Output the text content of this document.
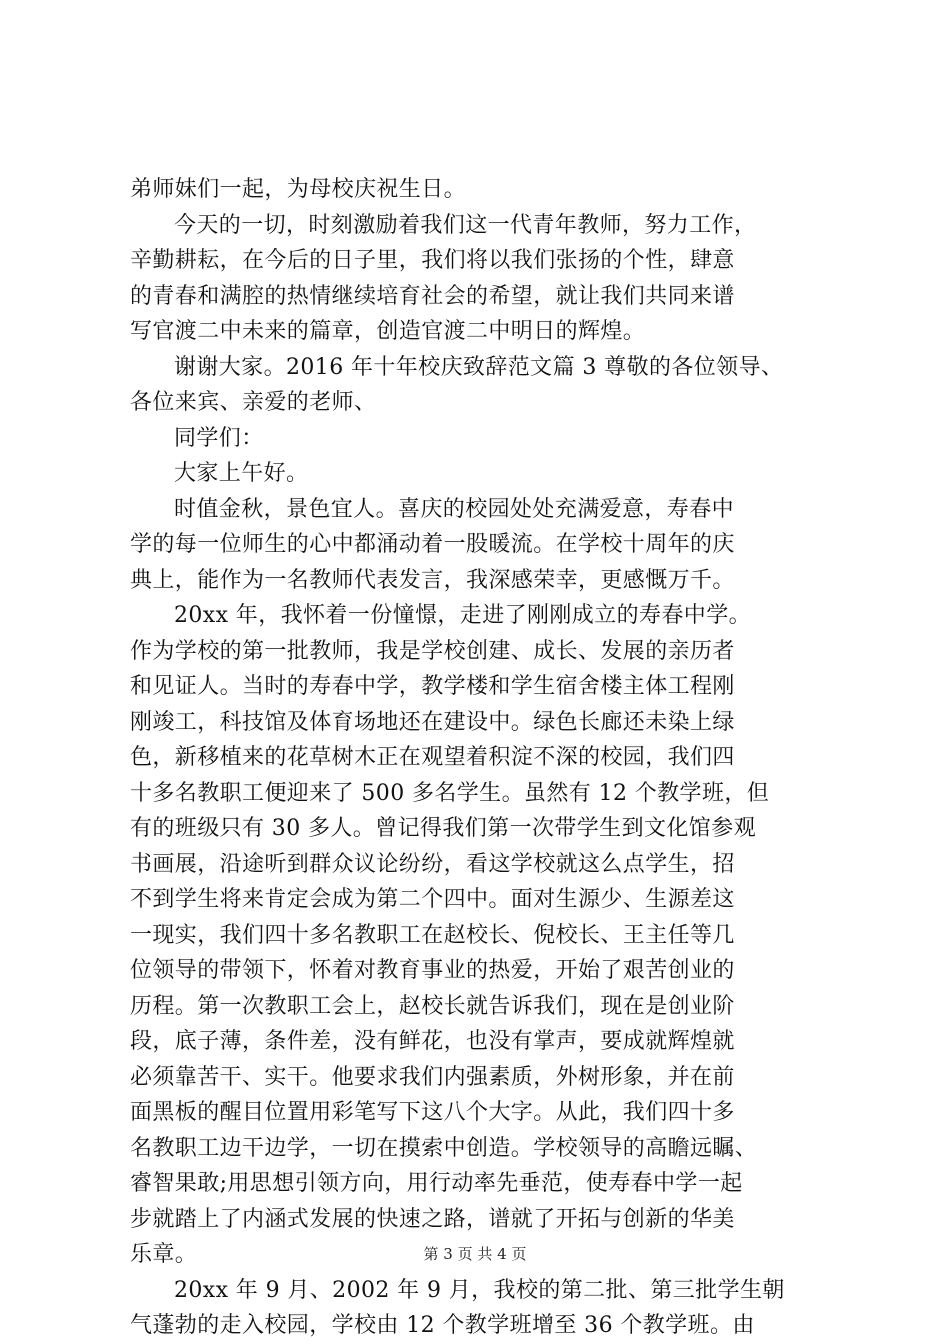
弟师妹们一起，为母校庆祝生日。
今天的一切，时刻激励着我们这一代青年教师，努力工作，
辛勤耕耘，在今后的日子里，我们将以我们张扬的个性，肆意
的青春和满腔的热情继续培育社会的希望，就让我们共同来谱
写官渡二中未来的篇章，创造官渡二中明日的辉煌。
谢谢大家。2016 年十年校庆致辞范文篇 3 尊敬的各位领导、
各位来宾、亲爱的老师、
同学们：
大家上午好。
时值金秋，景色宜人。喜庆的校园处处充满爱意，寿春中
学的每一位师生的心中都涌动着一股暖流。在学校十周年的庆
典上，能作为一名教师代表发言，我深感荣幸，更感慨万千。
20xx 年，我怀着一份憧憬，走进了刚刚成立的寿春中学。
作为学校的第一批教师，我是学校创建、成长、发展的亲历者
和见证人。当时的寿春中学，教学楼和学生宿舍楼主体工程刚
刚竣工，科技馆及体育场地还在建设中。绿色长廊还未染上绿
色，新移植来的花草树木正在观望着积淀不深的校园，我们四
十多名教职工便迎来了 500 多名学生。虽然有 12 个教学班，但
有的班级只有 30 多人。曾记得我们第一次带学生到文化馆参观
书画展，沿途听到群众议论纷纷，看这学校就这么点学生，招
不到学生将来肯定会成为第二个四中。面对生源少、生源差这
一现实，我们四十多名教职工在赵校长、倪校长、王主任等几
位领导的带领下，怀着对教育事业的热爱，开始了艰苦创业的
历程。第一次教职工会上，赵校长就告诉我们，现在是创业阶
段，底子薄，条件差，没有鲜花，也没有掌声，要成就辉煌就
必须靠苦干、实干。他要求我们内强素质，外树形象，并在前
面黑板的醒目位置用彩笔写下这八个大字。从此，我们四十多
名教职工边干边学，一切在摸索中创造。学校领导的高瞻远瞩、
睿智果敢;用思想引领方向，用行动率先垂范，使寿春中学一起
步就踏上了内涵式发展的快速之路，谱就了开拓与创新的华美
乐章。
20xx 年 9 月、2002 年 9 月，我校的第二批、第三批学生朝
气蓬勃的走入校园，学校由 12 个教学班增至 36 个教学班。由
第 3 页 共 4 页
